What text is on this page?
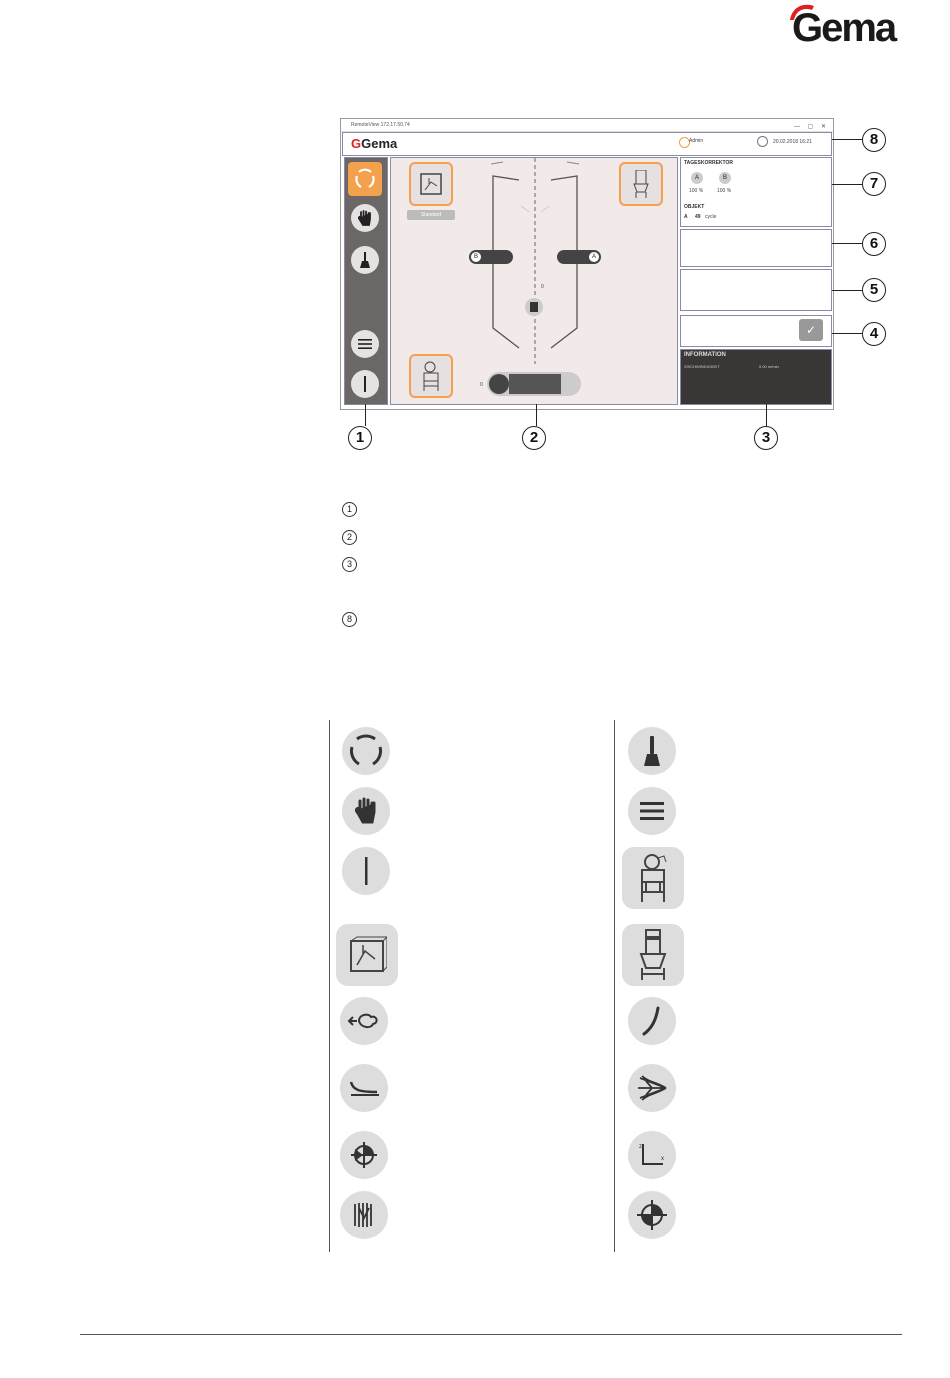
Gema
RemoteView 172.17.50.74	— ▢ ✕
GGema	Admin	20.02.2018 16:21
Standard
B	A
0
0
TAGESKORREKTOR
A	B
100 %	100 %
OBJEKT
A 49 cycle
✓
INFORMATION
ZISCHWINDIGKEIT	0.00 m/min
8
7
6
5
4
1	2	3
1
2
3
8
z
x
